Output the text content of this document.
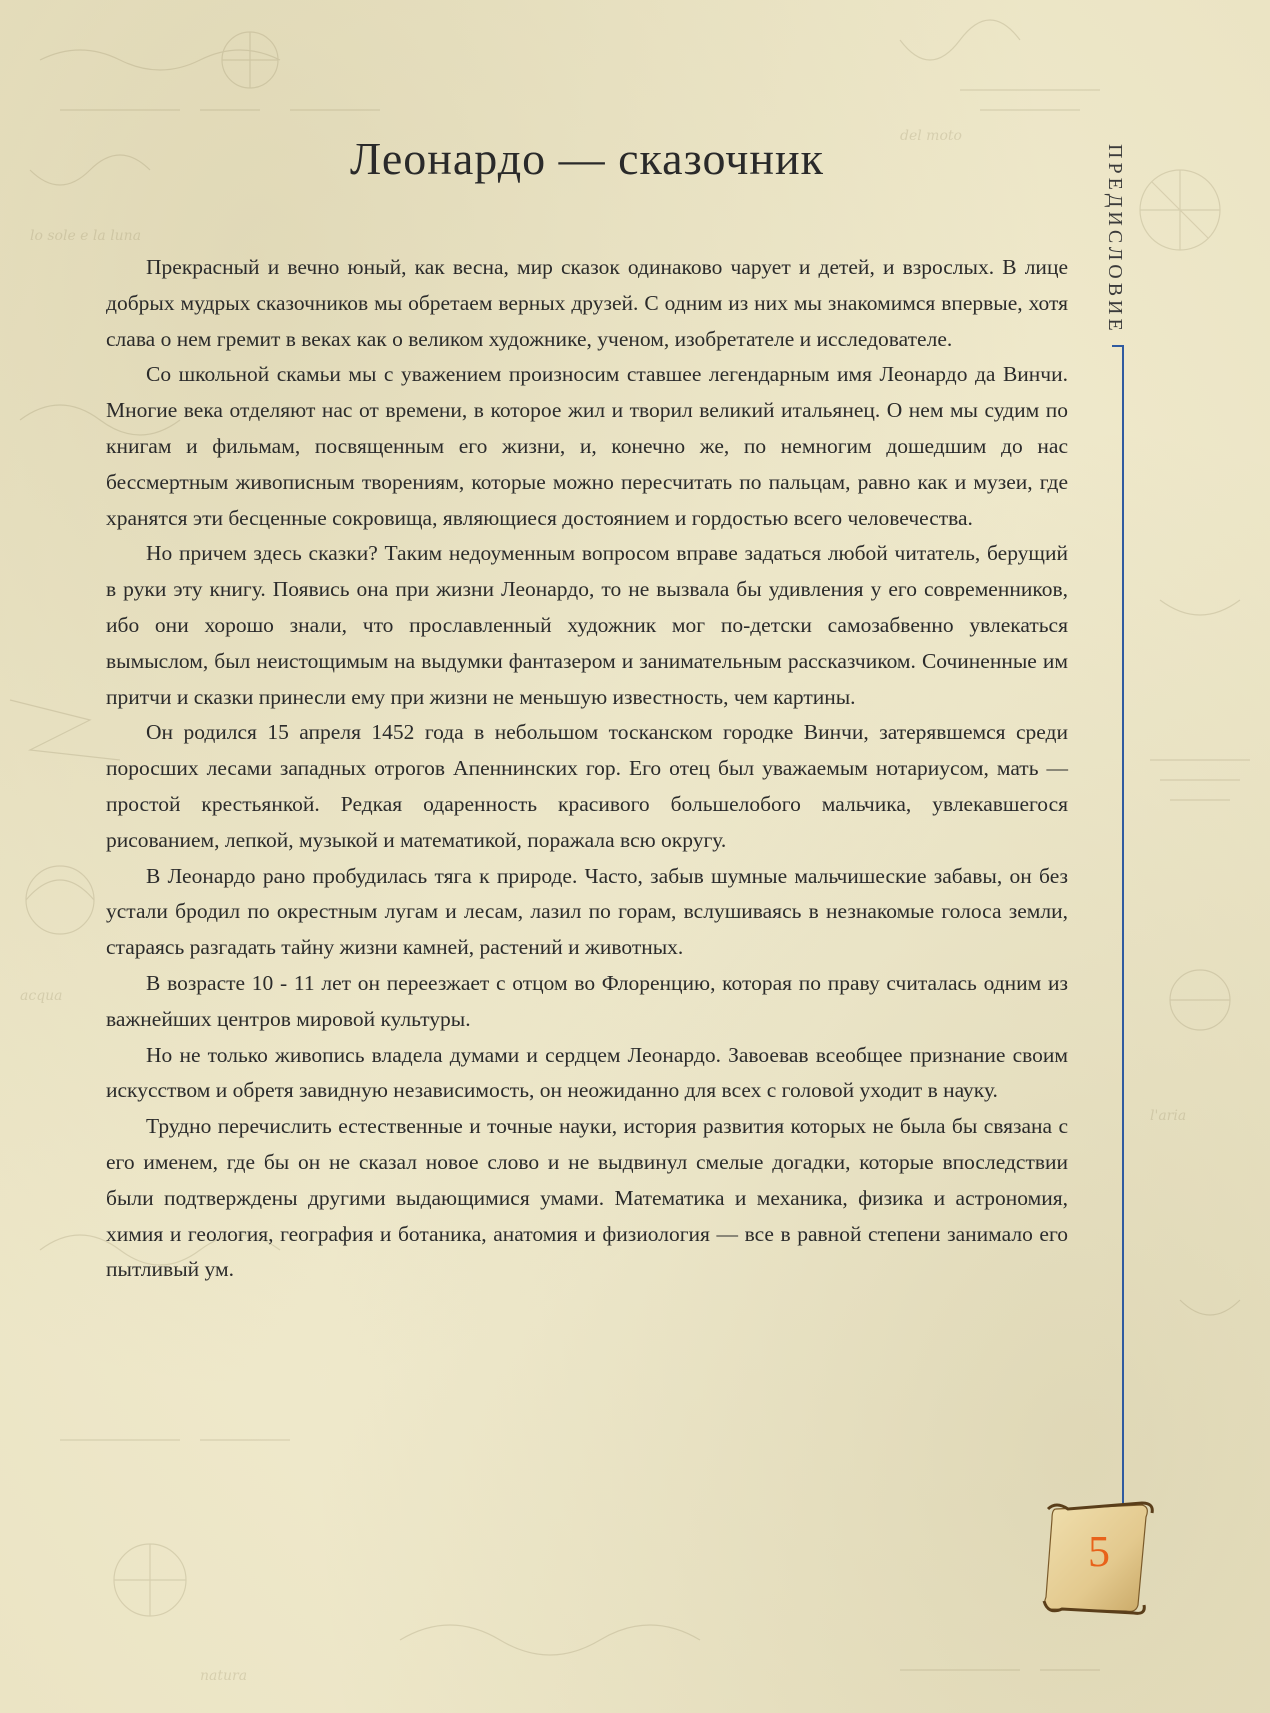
lo sole e la luna
del moto
acqua
l'aria
natura
Леонардо — сказочник

Прекрасный и вечно юный, как весна, мир сказок одинаково чарует и детей, и взрослых. В лице добрых мудрых сказочников мы обретаем верных друзей. С одним из них мы знакомимся впервые, хотя слава о нем гремит в веках как о великом художнике, ученом, изобретателе и исследователе.

Со школьной скамьи мы с уважением произносим ставшее легендарным имя Леонардо да Винчи. Многие века отделяют нас от времени, в которое жил и творил великий итальянец. О нем мы судим по книгам и фильмам, посвященным его жизни, и, конечно же, по немногим дошедшим до нас бессмертным живописным творениям, которые можно пересчитать по пальцам, равно как и музеи, где хранятся эти бесценные сокровища, являющиеся достоянием и гордостью всего человечества.

Но причем здесь сказки? Таким недоуменным вопросом вправе задаться любой читатель, берущий в руки эту книгу. Появись она при жизни Леонардо, то не вызвала бы удивления у его современников, ибо они хорошо знали, что прославленный художник мог по-детски самозабвенно увлекаться вымыслом, был неистощимым на выдумки фантазером и занимательным рассказчиком. Сочиненные им притчи и сказки принесли ему при жизни не меньшую известность, чем картины.

Он родился 15 апреля 1452 года в небольшом тосканском городке Винчи, затерявшемся среди поросших лесами западных отрогов Апеннинских гор. Его отец был уважаемым нотариусом, мать — простой крестьянкой. Редкая одаренность красивого большелобого мальчика, увлекавшегося рисованием, лепкой, музыкой и математикой, поражала всю округу.

В Леонардо рано пробудилась тяга к природе. Часто, забыв шумные мальчишеские забавы, он без устали бродил по окрестным лугам и лесам, лазил по горам, вслушиваясь в незнакомые голоса земли, стараясь разгадать тайну жизни камней, растений и животных.

В возрасте 10 - 11 лет он переезжает с отцом во Флоренцию, которая по праву считалась одним из важнейших центров мировой культуры.

Но не только живопись владела думами и сердцем Леонардо. Завоевав всеобщее признание своим искусством и обретя завидную независимость, он неожиданно для всех с головой уходит в науку.

Трудно перечислить естественные и точные науки, история развития которых не была бы связана с его именем, где бы он не сказал новое слово и не выдвинул смелые догадки, которые впоследствии были подтверждены другими выдающимися умами. Математика и механика, физика и астрономия, химия и геология, география и ботаника, анатомия и физиология — все в равной степени занимало его пытливый ум.

ПРЕДИСЛОВИЕ
5
